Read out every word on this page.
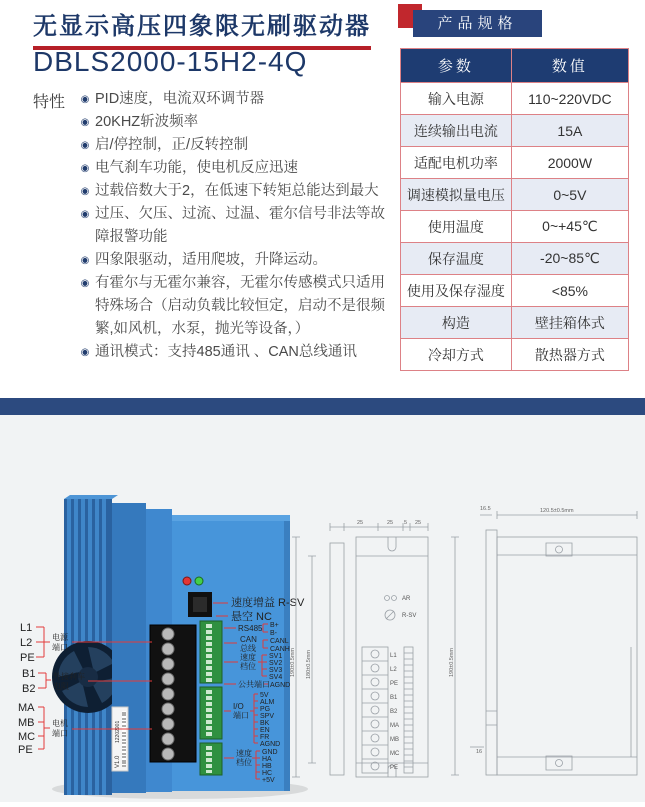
无显示高压四象限无刷驱动器
DBLS2000-15H2-4Q
特性	◉ PID速度，电流双环调节器
◉ 20KHZ斩波频率
◉ 启/停控制，正/反转控制
◉ 电气刹车功能，使电机反应迅速
◉ 过载倍数大于2，在低速下转矩总能达到最大
◉ 过压、欠压、过流、过温、霍尔信号非法等故障报警功能
◉ 四象限驱动，适用爬坡，升降运动。
◉ 有霍尔与无霍尔兼容，无霍尔传感模式只适用特殊场合（启动负载比较恒定，启动不是很频繁,如风机，水泵，抛光等设备，）
◉ 通讯模式：支持485通讯 、CAN总线通讯
产品规格
参数	数值
输入电源	110~220VDC
连续输出电流	15A
适配电机功率	2000W
调速模拟量电压	0~5V
使用温度	0~+45℃
保存温度	-20~85℃
使用及保存湿度	<85%
构造	壁挂箱体式
冷却方式	散热器方式
V1.0
12202901
L1
L2
PE
电源
端口
B1
B2
外接刹车
电阻
MA
MB
MC
PE
电机
端口
速度增益 R-SV
悬空 NC
RS485 B+
B-
CAN
总线
CANL
CANH
速度
档位
SV1
SV2
SV3
SV4
公共端口 AGND
I/O
端口
5V
ALM
PG
SPV
BK
EN
FR
AGND
速度
档位
GND
HA
HB
HC
+5V
AR
R-SV
L1
L2
PE
B1
B2
MA
MB
MC
PE
25	25 5 25
190±0.5mm 180±0.5mm
120.5±0.5mm
16.5
190±0.5mm
16
